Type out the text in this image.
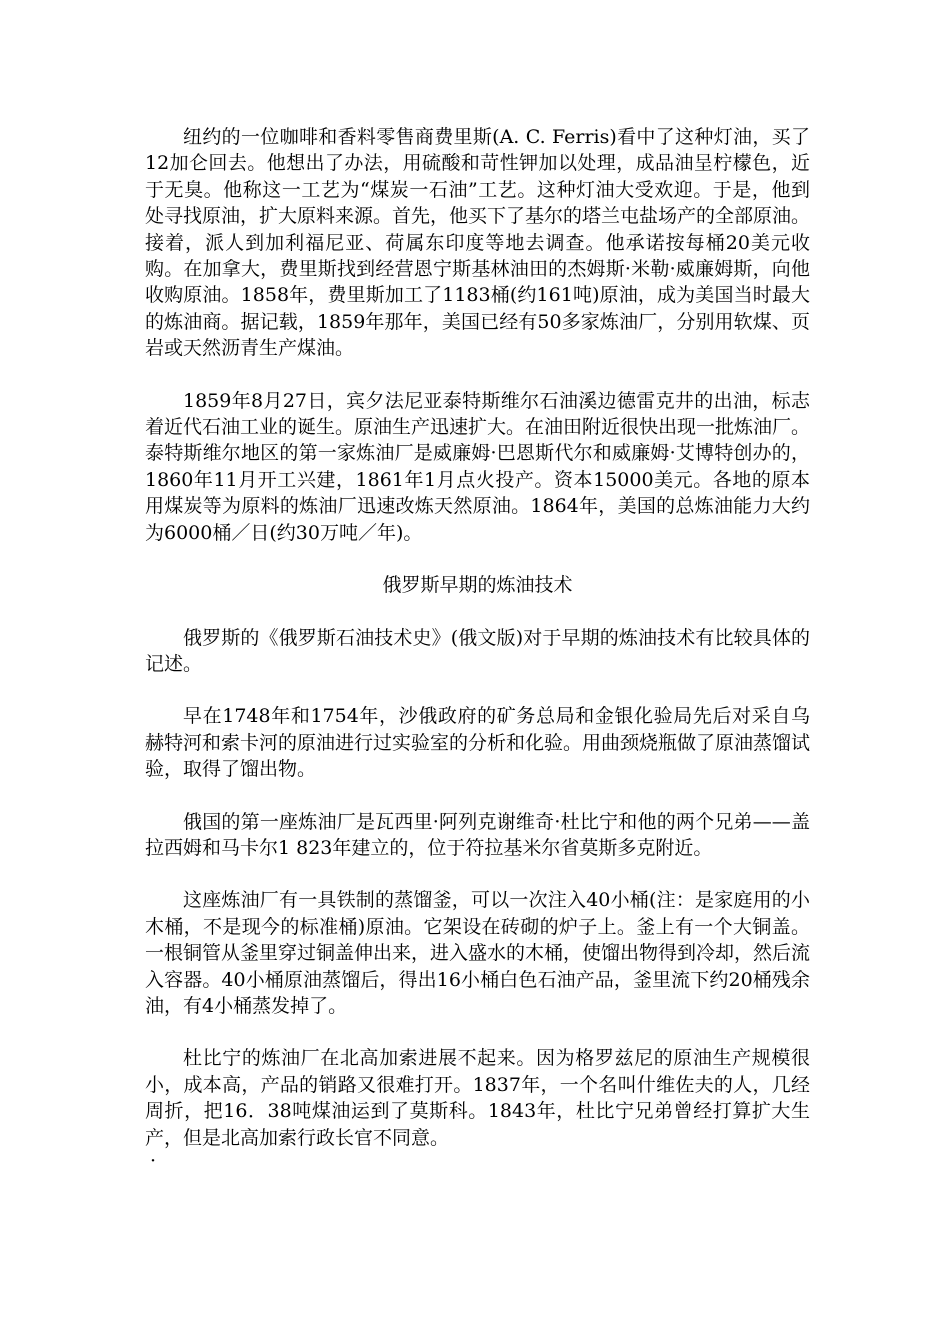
纽约的一位咖啡和香料零售商费里斯(A. C. Ferris)看中了这种灯油，买了12加仑回去。他想出了办法，用硫酸和苛性钾加以处理，成品油呈柠檬色，近于无臭。他称这一工艺为“煤炭一石油”工艺。这种灯油大受欢迎。于是，他到处寻找原油，扩大原料来源。首先，他买下了基尔的塔兰屯盐场产的全部原油。接着，派人到加利福尼亚、荷属东印度等地去调查。他承诺按每桶20美元收购。在加拿大，费里斯找到经营恩宁斯基林油田的杰姆斯·米勒·威廉姆斯，向他收购原油。1858年，费里斯加工了1183桶(约161吨)原油，成为美国当时最大的炼油商。据记载，1859年那年，美国已经有50多家炼油厂，分别用软煤、页岩或天然沥青生产煤油。

1859年8月27日，宾夕法尼亚泰特斯维尔石油溪边德雷克井的出油，标志着近代石油工业的诞生。原油生产迅速扩大。在油田附近很快出现一批炼油厂。泰特斯维尔地区的第一家炼油厂是威廉姆·巴恩斯代尔和威廉姆·艾博特创办的，1860年11月开工兴建，1861年1月点火投产。资本15000美元。各地的原本用煤炭等为原料的炼油厂迅速改炼天然原油。1864年，美国的总炼油能力大约为6000桶／日(约30万吨／年)。

俄罗斯早期的炼油技术

俄罗斯的《俄罗斯石油技术史》(俄文版)对于早期的炼油技术有比较具体的记述。

早在1748年和1754年，沙俄政府的矿务总局和金银化验局先后对采自乌赫特河和索卡河的原油进行过实验室的分析和化验。用曲颈烧瓶做了原油蒸馏试验，取得了馏出物。

俄国的第一座炼油厂是瓦西里·阿列克谢维奇·杜比宁和他的两个兄弟——盖拉西姆和马卡尔1 823年建立的，位于符拉基米尔省莫斯多克附近。

这座炼油厂有一具铁制的蒸馏釜，可以一次注入40小桶(注：是家庭用的小木桶，不是现今的标准桶)原油。它架设在砖砌的炉子上。釜上有一个大铜盖。一根铜管从釜里穿过铜盖伸出来，进入盛水的木桶，使馏出物得到冷却，然后流入容器。40小桶原油蒸馏后，得出16小桶白色石油产品，釜里流下约20桶残余油，有4小桶蒸发掉了。

杜比宁的炼油厂在北高加索进展不起来。因为格罗兹尼的原油生产规模很小，成本高，产品的销路又很难打开。1837年，一个名叫什维佐夫的人，几经周折，把16．38吨煤油运到了莫斯科。1843年，杜比宁兄弟曾经打算扩大生产，但是北高加索行政长官不同意。

·
